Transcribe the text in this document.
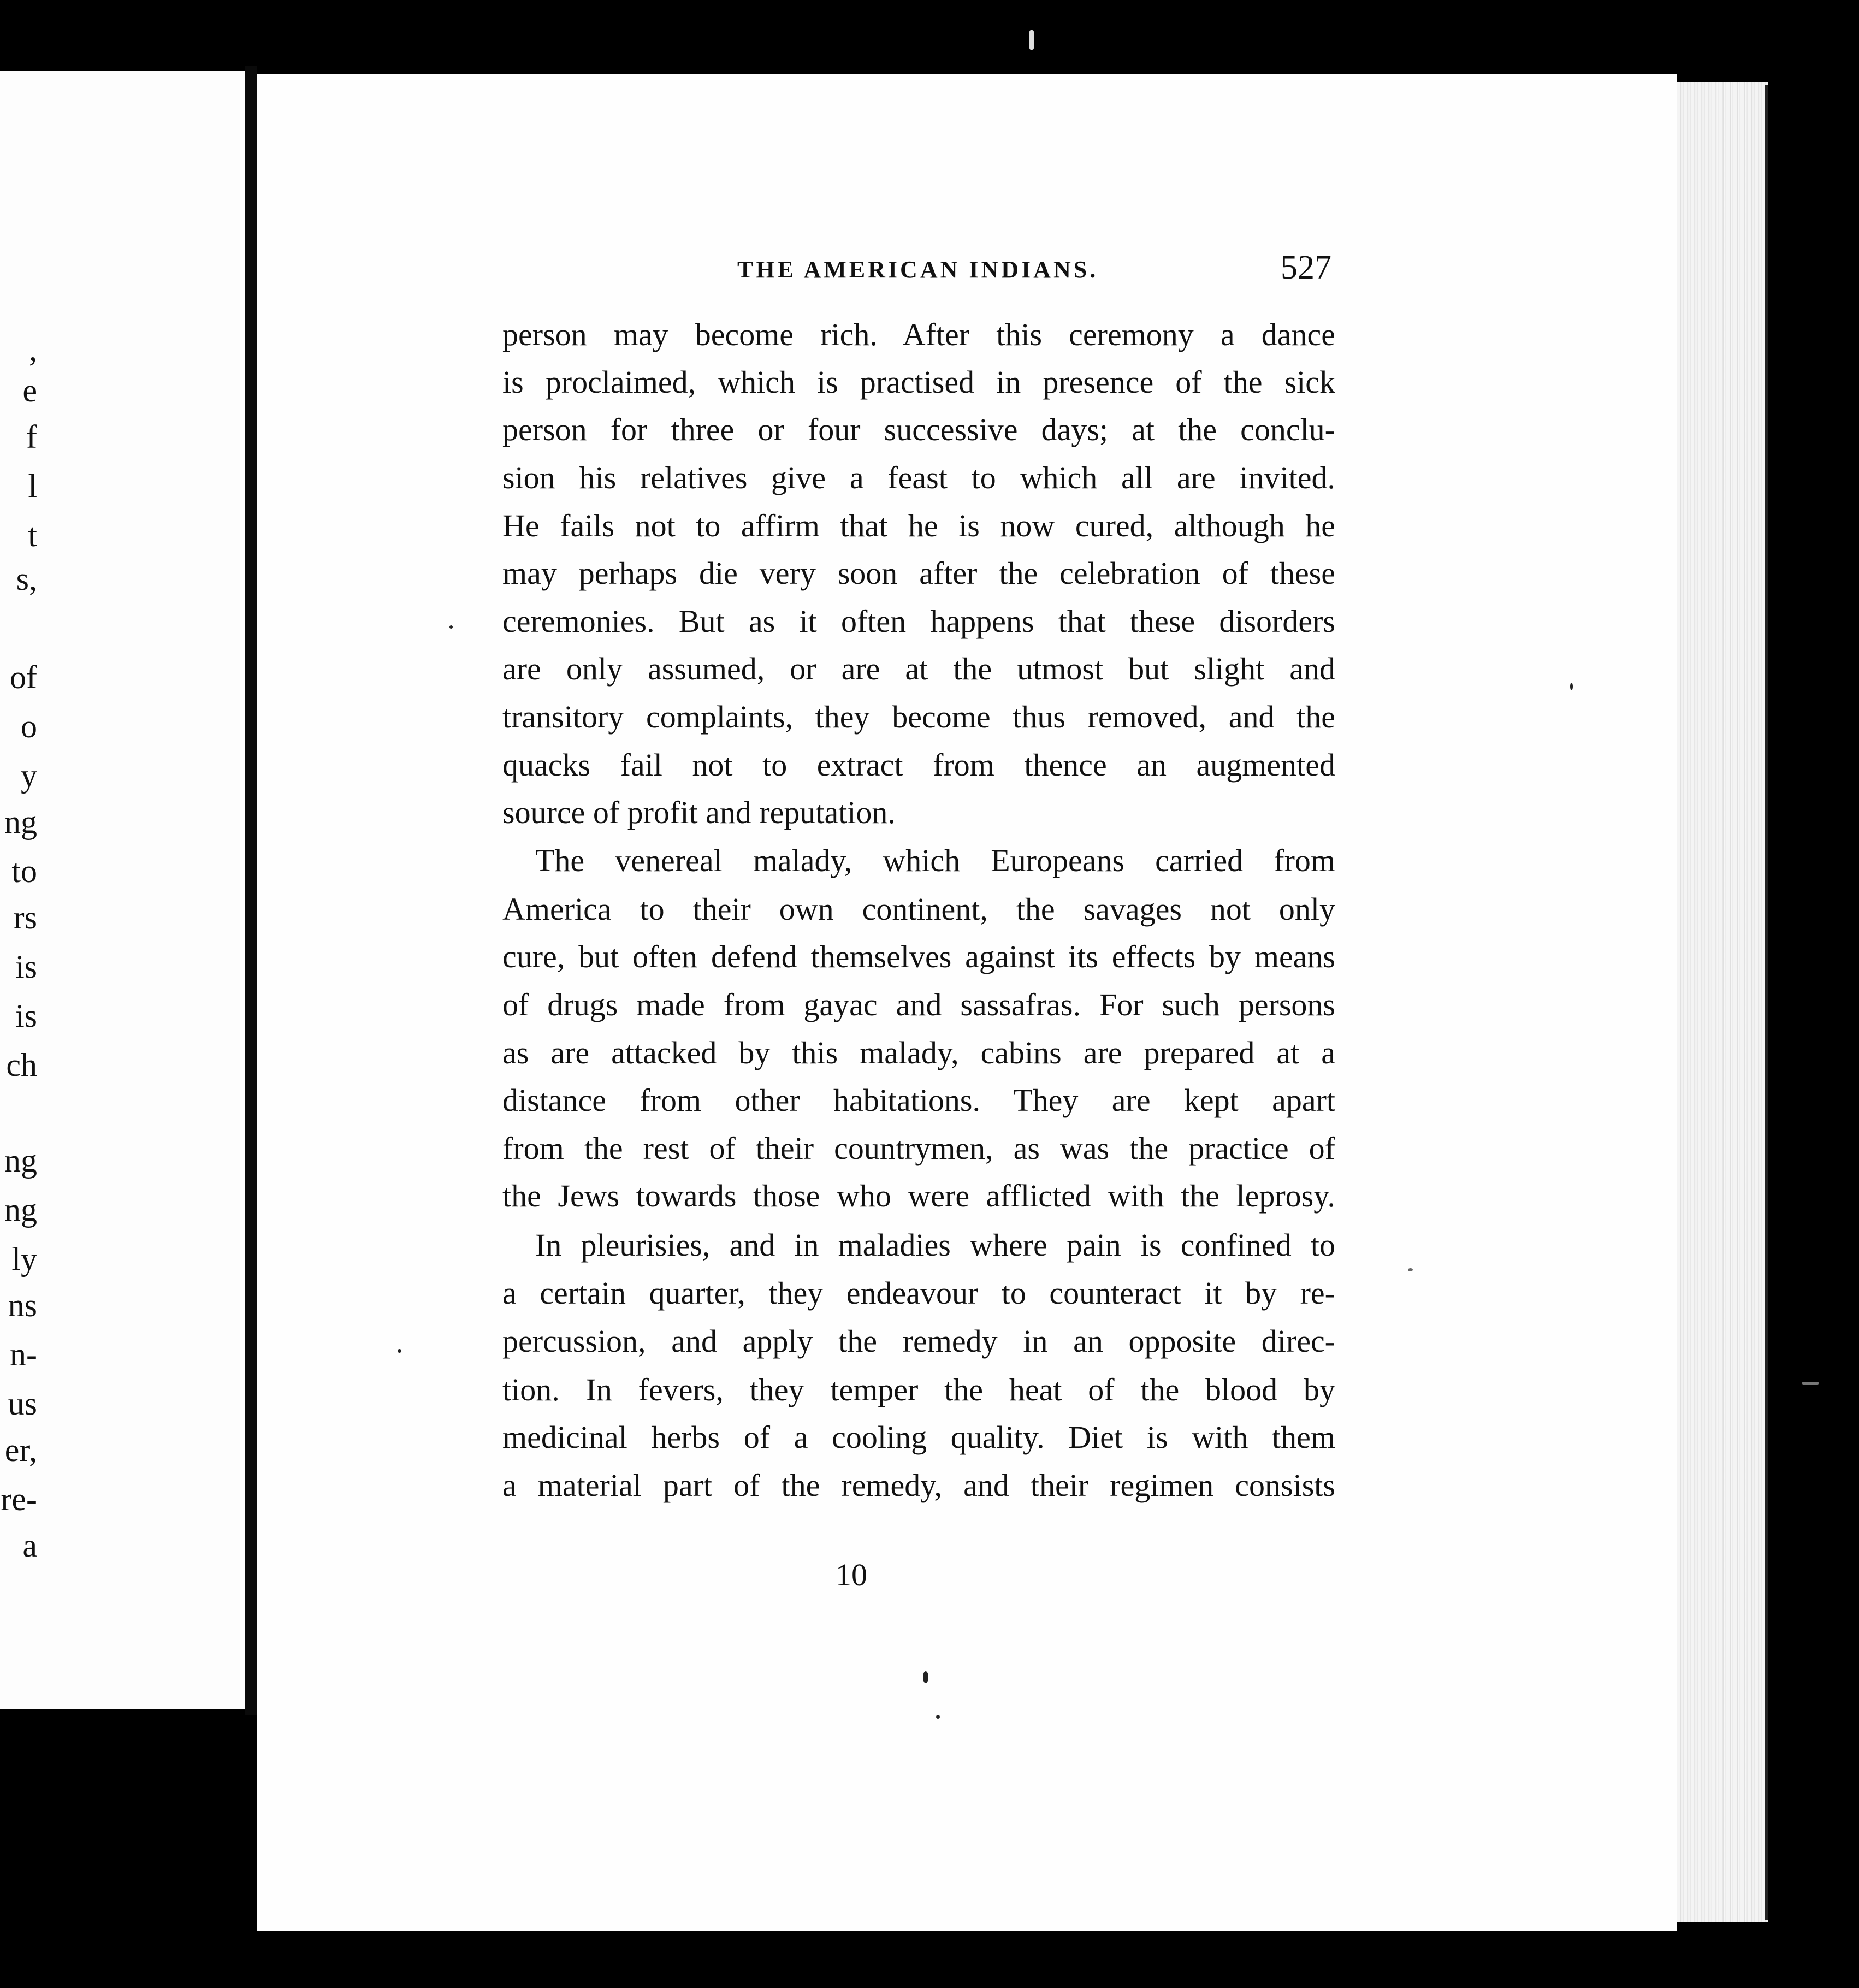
,
e
f
l
t
s,
of
o
y
ng
to
rs
is
is
ch
ng
ng
ly
ns
n-
us
er,
re-
a
THE AMERICAN INDIANS.	527
person may become rich. After this ceremony a dance
is proclaimed, which is practised in presence of the sick
person for three or four successive days; at the conclu-
sion his relatives give a feast to which all are invited.
He fails not to affirm that he is now cured, although he
may perhaps die very soon after the celebration of these
ceremonies. But as it often happens that these disorders
are only assumed, or are at the utmost but slight and
transitory complaints, they become thus removed, and the
quacks fail not to extract from thence an augmented
source of profit and reputation.
The venereal malady, which Europeans carried from
America to their own continent, the savages not only
cure, but often defend themselves against its effects by means
of drugs made from gayac and sassafras. For such persons
as are attacked by this malady, cabins are prepared at a
distance from other habitations. They are kept apart
from the rest of their countrymen, as was the practice of
the Jews towards those who were afflicted with the leprosy.
In pleurisies, and in maladies where pain is confined to
a certain quarter, they endeavour to counteract it by re-
percussion, and apply the remedy in an opposite direc-
tion. In fevers, they temper the heat of the blood by
medicinal herbs of a cooling quality. Diet is with them
a material part of the remedy, and their regimen consists
10
